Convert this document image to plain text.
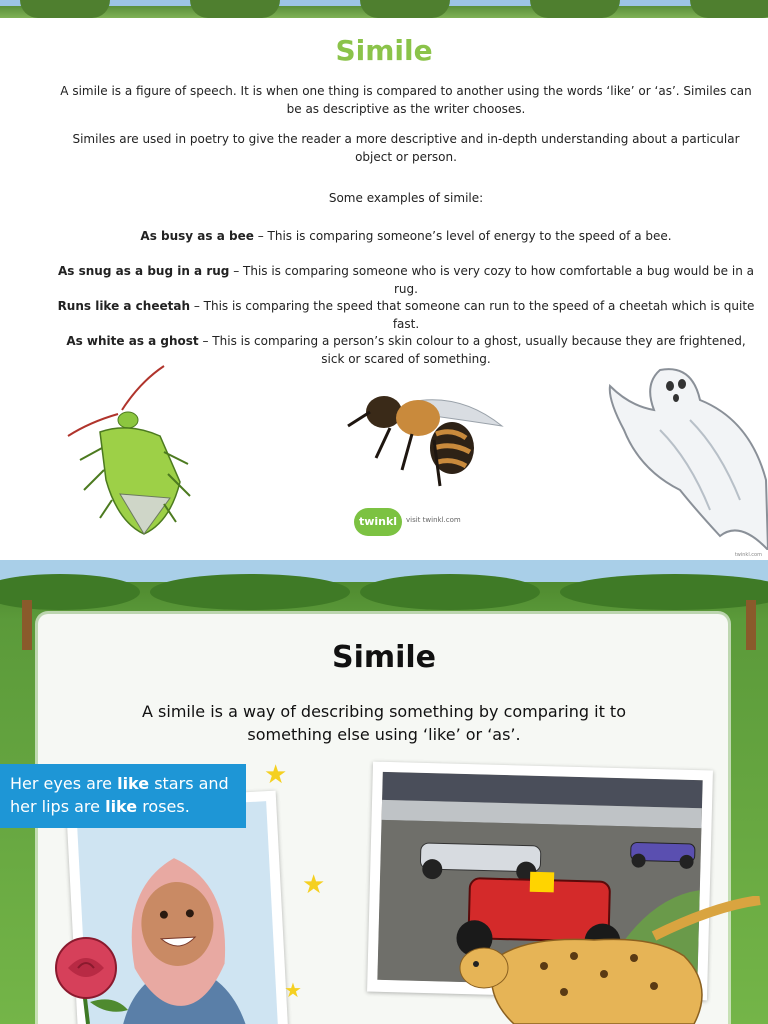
Simile

A simile is a figure of speech. It is when one thing is compared to another using the words ‘like’ or ‘as’. Similes can be as descriptive as the writer chooses.

Similes are used in poetry to give the reader a more descriptive and in-depth understanding about a particular object or person.

Some examples of simile:

As busy as a bee – This is comparing someone’s level of energy to the speed of a bee.

As snug as a bug in a rug – This is comparing someone who is very cozy to how comfortable a bug would be in a rug.

Runs like a cheetah – This is comparing the speed that someone can run to the speed of a cheetah which is quite fast.

As white as a ghost – This is comparing a person’s skin colour to a ghost, usually because they are frightened, sick or scared of something.

twinkl	visit twinkl.com
twinkl.com
Simile

A simile is a way of describing something by comparing it to something else using ‘like’ or ‘as’.

★
★
★
Her eyes are like stars and her lips are like roses.
